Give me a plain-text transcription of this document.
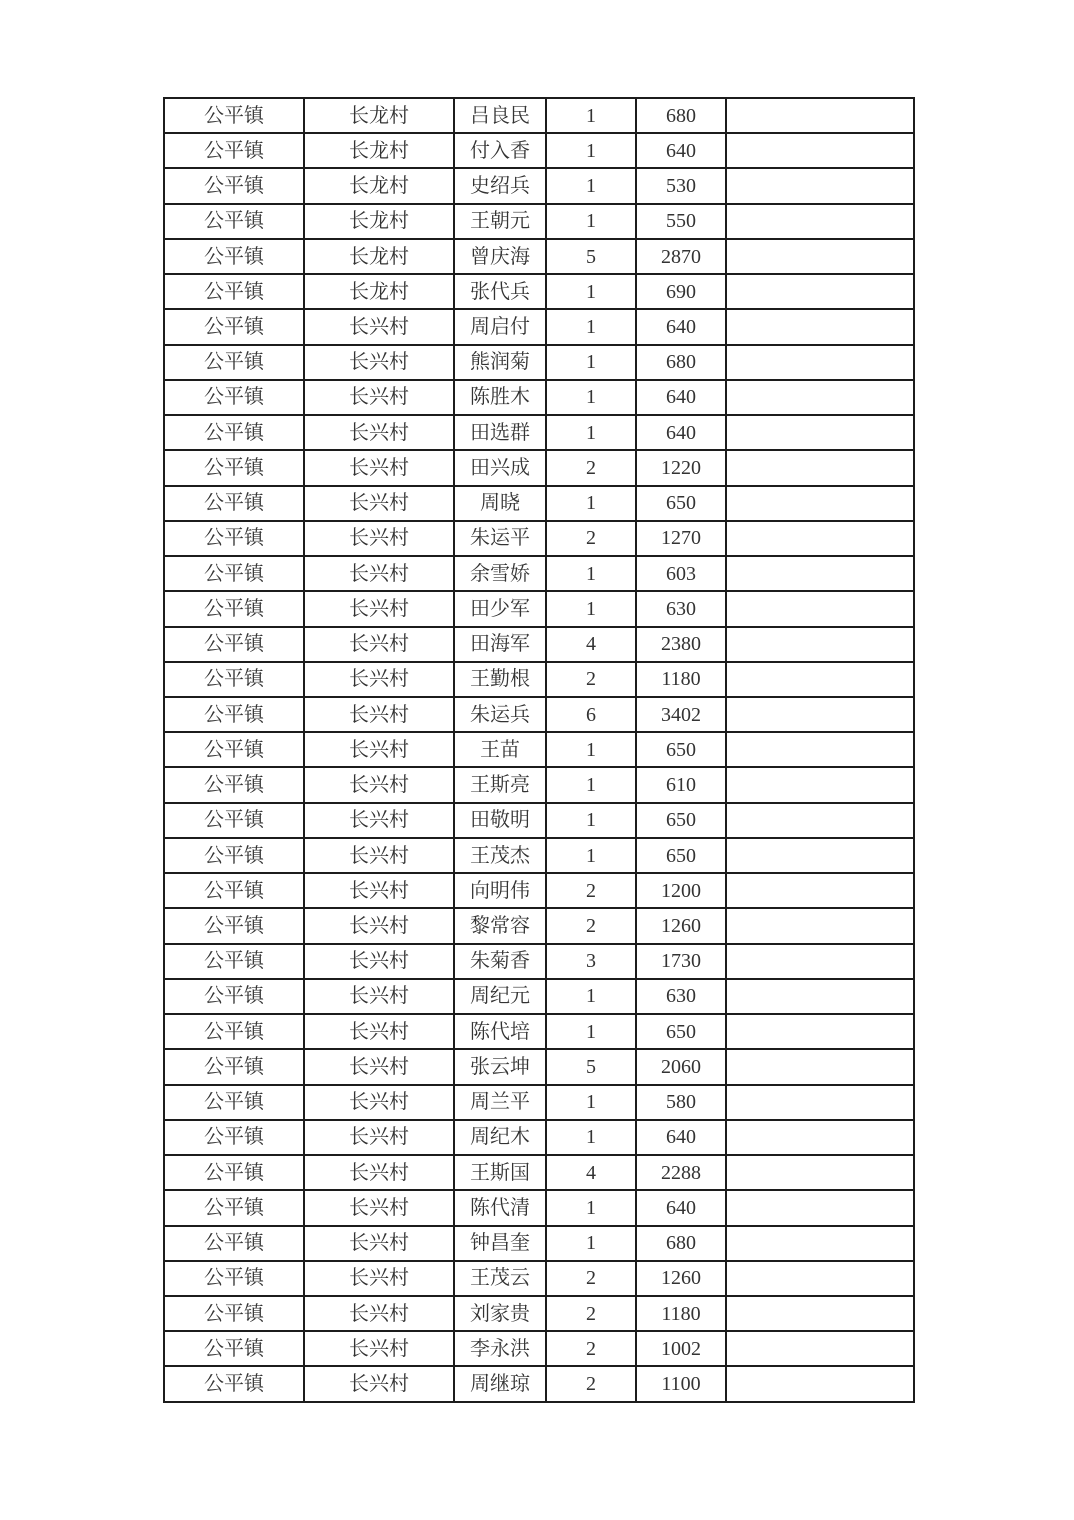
公平镇	长龙村	吕良民	1	680	
公平镇	长龙村	付入香	1	640	
公平镇	长龙村	史绍兵	1	530	
公平镇	长龙村	王朝元	1	550	
公平镇	长龙村	曾庆海	5	2870	
公平镇	长龙村	张代兵	1	690	
公平镇	长兴村	周启付	1	640	
公平镇	长兴村	熊润菊	1	680	
公平镇	长兴村	陈胜木	1	640	
公平镇	长兴村	田选群	1	640	
公平镇	长兴村	田兴成	2	1220	
公平镇	长兴村	周晓	1	650	
公平镇	长兴村	朱运平	2	1270	
公平镇	长兴村	余雪娇	1	603	
公平镇	长兴村	田少军	1	630	
公平镇	长兴村	田海军	4	2380	
公平镇	长兴村	王勤根	2	1180	
公平镇	长兴村	朱运兵	6	3402	
公平镇	长兴村	王苗	1	650	
公平镇	长兴村	王斯亮	1	610	
公平镇	长兴村	田敬明	1	650	
公平镇	长兴村	王茂杰	1	650	
公平镇	长兴村	向明伟	2	1200	
公平镇	长兴村	黎常容	2	1260	
公平镇	长兴村	朱菊香	3	1730	
公平镇	长兴村	周纪元	1	630	
公平镇	长兴村	陈代培	1	650	
公平镇	长兴村	张云坤	5	2060	
公平镇	长兴村	周兰平	1	580	
公平镇	长兴村	周纪木	1	640	
公平镇	长兴村	王斯国	4	2288	
公平镇	长兴村	陈代清	1	640	
公平镇	长兴村	钟昌奎	1	680	
公平镇	长兴村	王茂云	2	1260	
公平镇	长兴村	刘家贵	2	1180	
公平镇	长兴村	李永洪	2	1002	
公平镇	长兴村	周继琼	2	1100	
